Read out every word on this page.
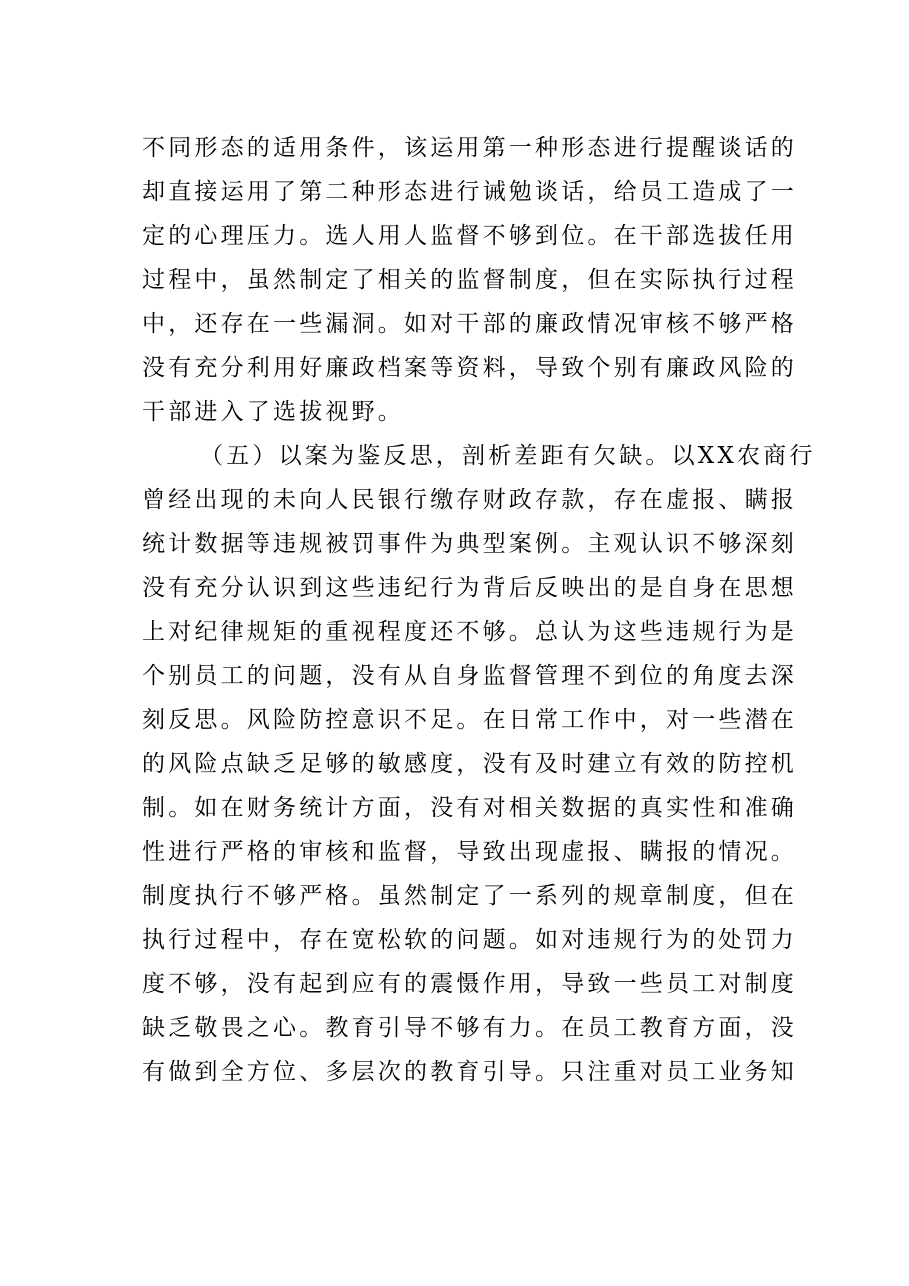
不同形态的适用条件，该运用第一种形态进行提醒谈话的
却直接运用了第二种形态进行诫勉谈话，给员工造成了一
定的心理压力。选人用人监督不够到位。在干部选拔任用
过程中，虽然制定了相关的监督制度，但在实际执行过程
中，还存在一些漏洞。如对干部的廉政情况审核不够严格
没有充分利用好廉政档案等资料，导致个别有廉政风险的
干部进入了选拔视野。
（五）以案为鉴反思，剖析差距有欠缺。以XX农商行
曾经出现的未向人民银行缴存财政存款，存在虚报、瞒报
统计数据等违规被罚事件为典型案例。主观认识不够深刻
没有充分认识到这些违纪行为背后反映出的是自身在思想
上对纪律规矩的重视程度还不够。总认为这些违规行为是
个别员工的问题，没有从自身监督管理不到位的角度去深
刻反思。风险防控意识不足。在日常工作中，对一些潜在
的风险点缺乏足够的敏感度，没有及时建立有效的防控机
制。如在财务统计方面，没有对相关数据的真实性和准确
性进行严格的审核和监督，导致出现虚报、瞒报的情况。
制度执行不够严格。虽然制定了一系列的规章制度，但在
执行过程中，存在宽松软的问题。如对违规行为的处罚力
度不够，没有起到应有的震慑作用，导致一些员工对制度
缺乏敬畏之心。教育引导不够有力。在员工教育方面，没
有做到全方位、多层次的教育引导。只注重对员工业务知
